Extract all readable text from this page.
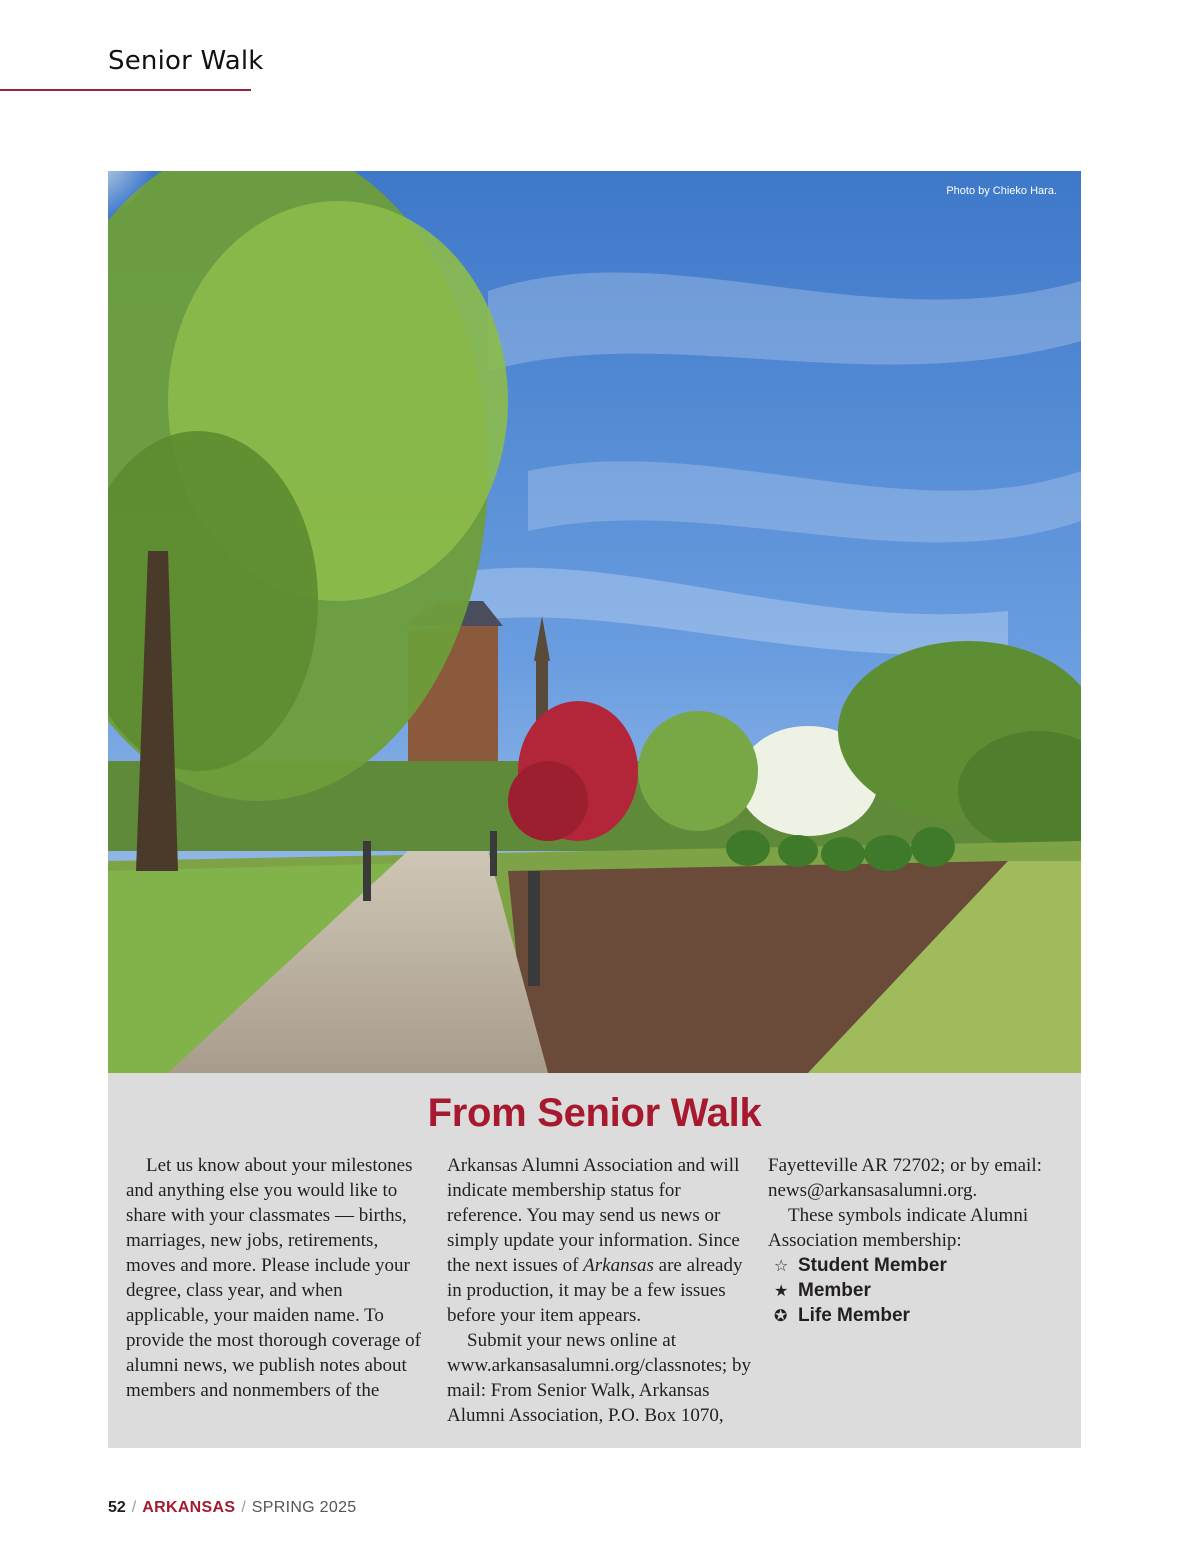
Senior Walk
Photo by Chieko Hara.
From Senior Walk

Let us know about your milestones and anything else you would like to share with your classmates — births, marriages, new jobs, retirements, moves and more. Please include your degree, class year, and when applicable, your maiden name. To provide the most thorough coverage of alumni news, we publish notes about members and nonmembers of the

Arkansas Alumni Association and will indicate membership status for reference. You may send us news or simply update your information. Since the next issues of Arkansas are already in production, it may be a few issues before your item appears.

Submit your news online at www.arkansasalumni.org/classnotes; by mail: From Senior Walk, Arkansas Alumni Association, P.O. Box 1070,

Fayetteville AR 72702; or by email: news@arkansasalumni.org.

These symbols indicate Alumni Association membership:

☆ Student Member
★ Member
✪ Life Member
52 / ARKANSAS / SPRING 2025
